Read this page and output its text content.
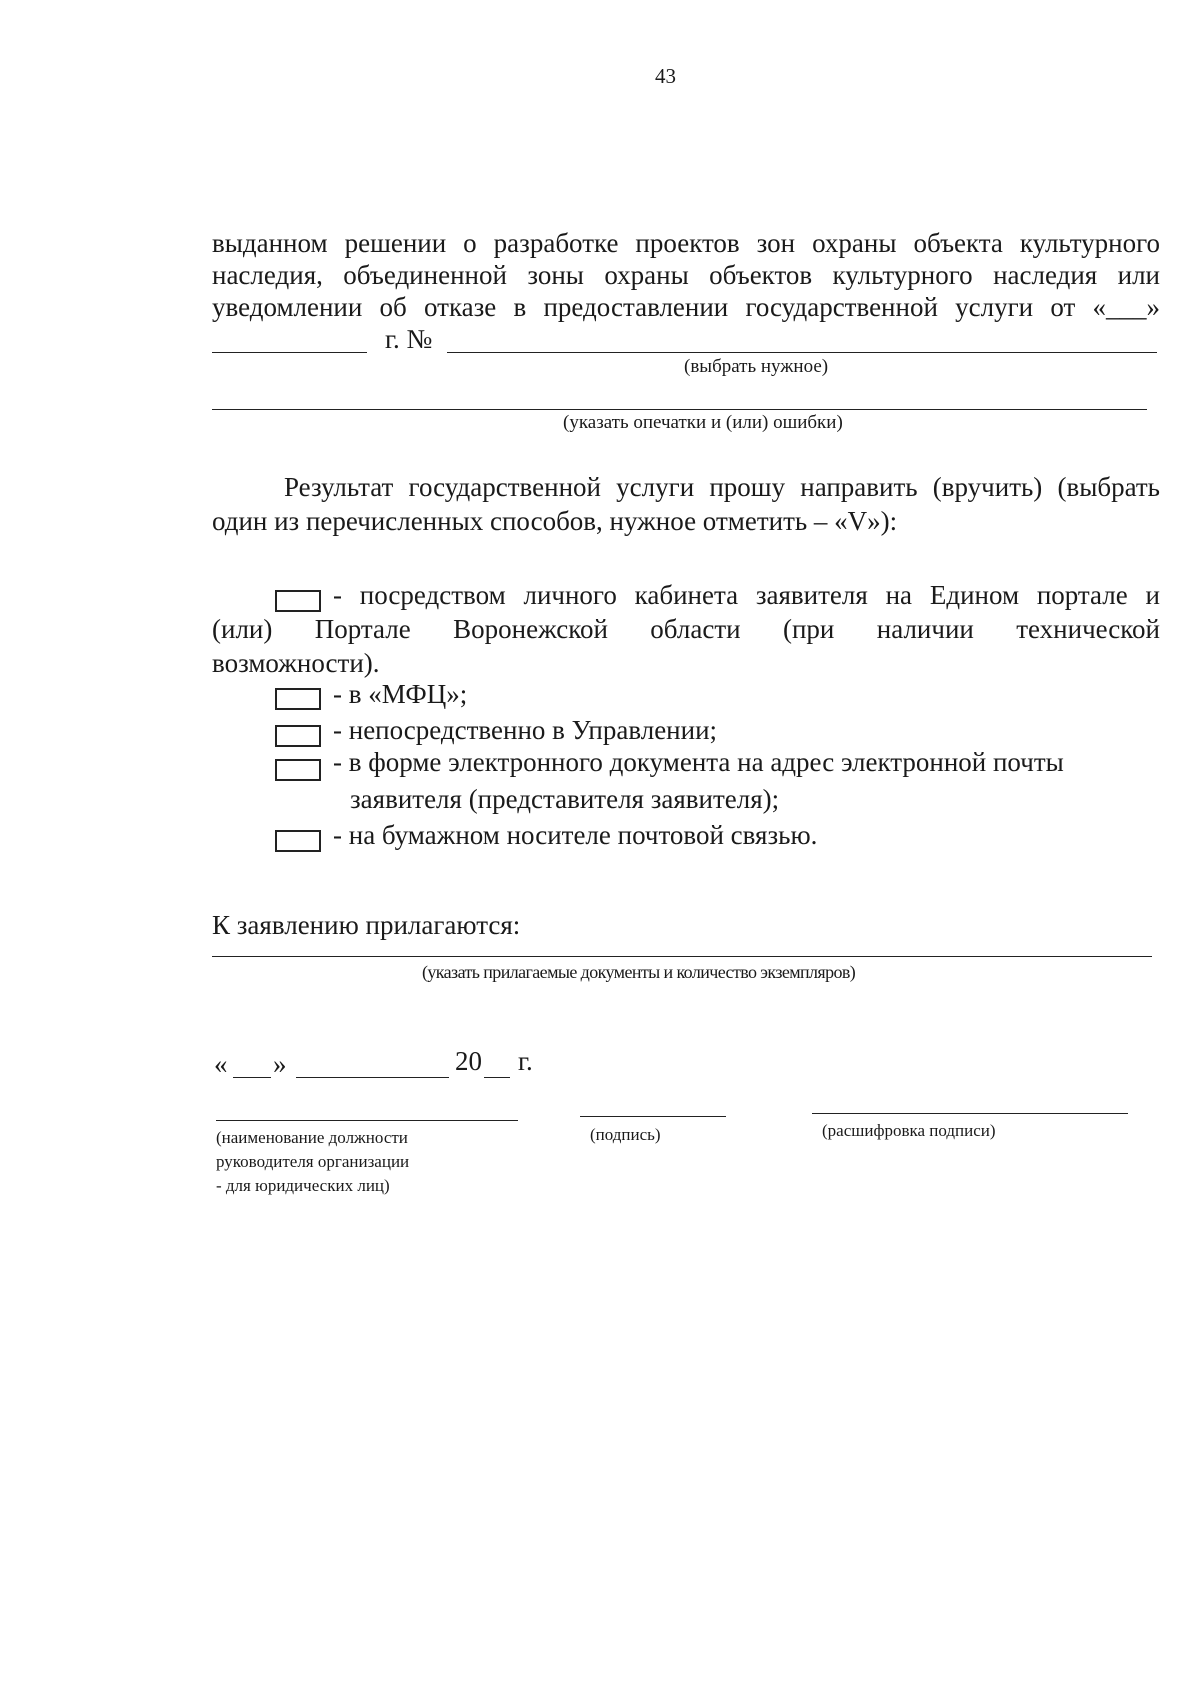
43
выданном решении о разработке проектов зон охраны объекта культурного
наследия, объединенной зоны охраны объектов культурного наследия или
уведомлении об отказе в предоставлении государственной услуги от «___»
г. №
(выбрать нужное)
(указать опечатки и (или) ошибки)
Результат государственной услуги прошу направить (вручить) (выбрать
один из перечисленных способов, нужное отметить – «V»):
- посредством личного кабинета заявителя на Едином портале и
(или) Портале Воронежской области (при наличии технической
возможности).
- в «МФЦ»;
- непосредственно в Управлении;
- в форме электронного документа на адрес электронной почты
заявителя (представителя заявителя);
- на бумажном носителе почтовой связью.
К заявлению прилагаются:
(указать прилагаемые документы и количество экземпляров)
« »	20 г.
(наименование должности
руководителя организации
- для юридических лиц)
(подпись)	(расшифровка подписи)
